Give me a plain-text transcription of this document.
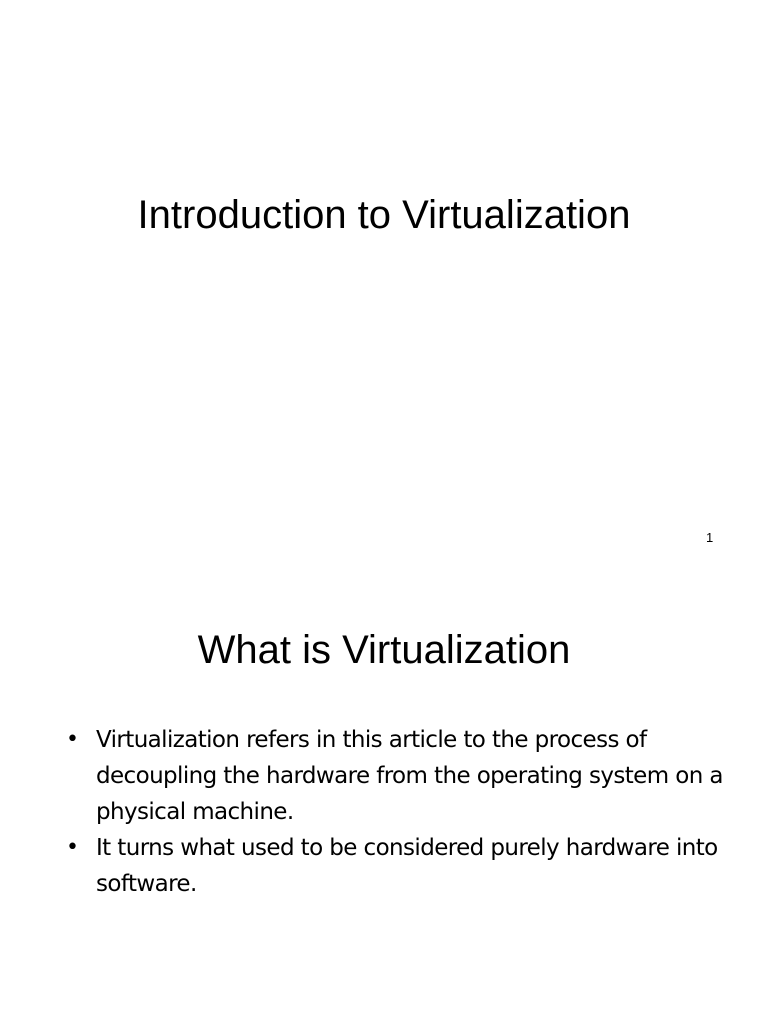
Introduction to Virtualization
1
What is Virtualization
• Virtualization refers in this article to the process of decoupling the hardware from the operating system on a physical machine.
• It turns what used to be considered purely hardware into software.
